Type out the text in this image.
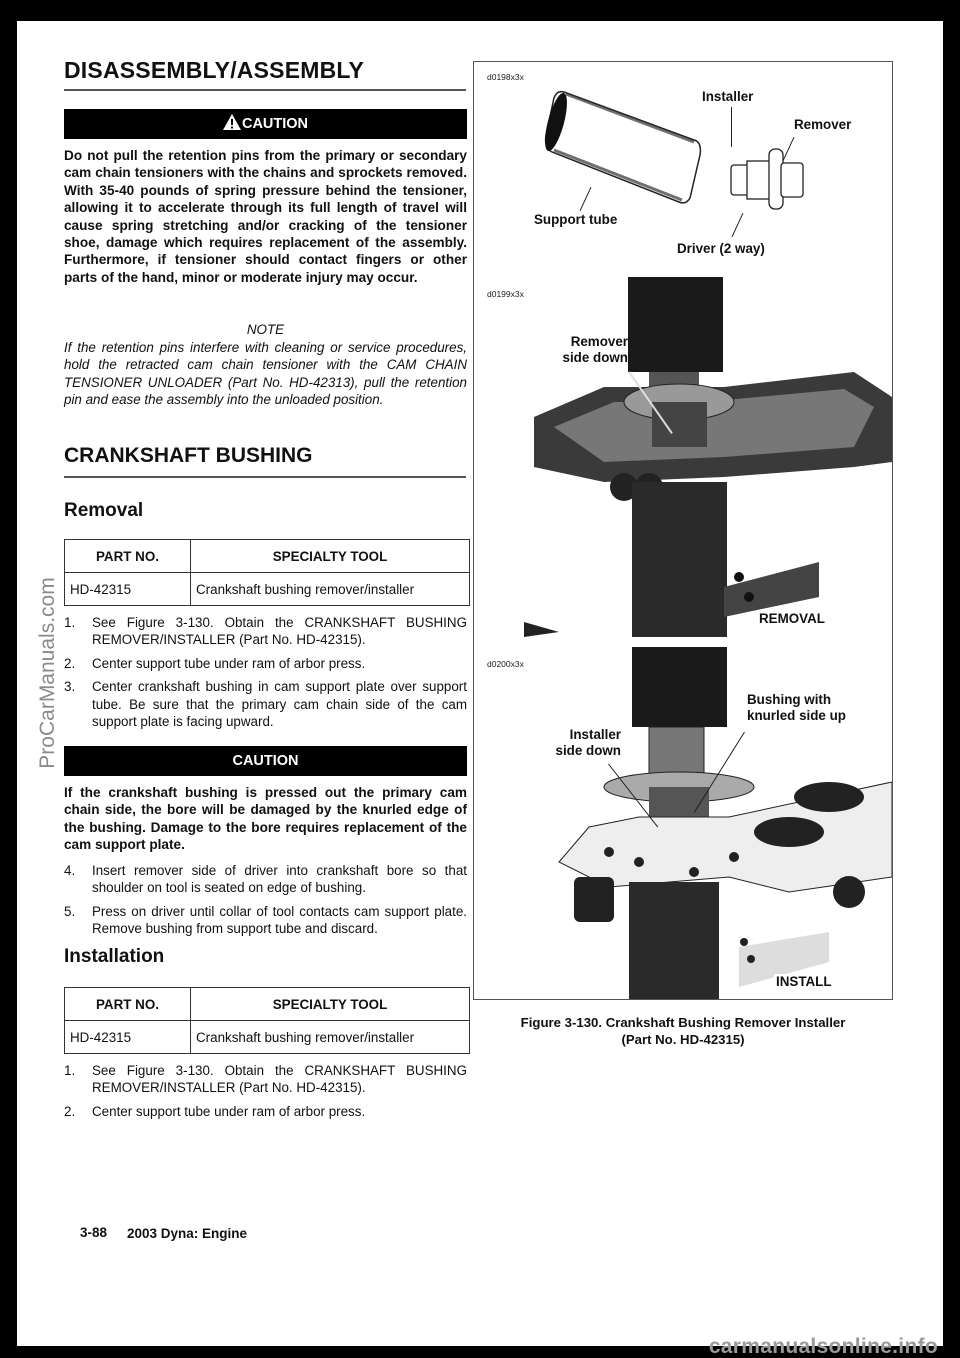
DISASSEMBLY/ASSEMBLY
CAUTION
Do not pull the retention pins from the primary or secondary cam chain tensioners with the chains and sprockets removed. With 35-40 pounds of spring pressure behind the tensioner, allowing it to accelerate through its full length of travel will cause spring stretching and/or cracking of the tensioner shoe, damage which requires replacement of the assembly. Furthermore, if tensioner should contact fingers or other parts of the hand, minor or moderate injury may occur.
NOTE
If the retention pins interfere with cleaning or service procedures, hold the retracted cam chain tensioner with the CAM CHAIN TENSIONER UNLOADER (Part No. HD-42313), pull the retention pin and ease the assembly into the unloaded position.
CRANKSHAFT BUSHING
Removal
PART NO.	SPECIALTY TOOL
HD-42315	Crankshaft bushing remover/installer
1. See Figure 3-130. Obtain the CRANKSHAFT BUSHING REMOVER/INSTALLER (Part No. HD-42315).
2. Center support tube under ram of arbor press.
3. Center crankshaft bushing in cam support plate over support tube. Be sure that the primary cam chain side of the cam support plate is facing upward.
CAUTION
If the crankshaft bushing is pressed out the primary cam chain side, the bore will be damaged by the knurled edge of the bushing. Damage to the bore requires replacement of the cam support plate.
4. Insert remover side of driver into crankshaft bore so that shoulder on tool is seated on edge of bushing.
5. Press on driver until collar of tool contacts cam support plate. Remove bushing from support tube and discard.
Installation
PART NO.	SPECIALTY TOOL
HD-42315	Crankshaft bushing remover/installer
1. See Figure 3-130. Obtain the CRANKSHAFT BUSHING REMOVER/INSTALLER (Part No. HD-42315).
2. Center support tube under ram of arbor press.
3-88 2003 Dyna: Engine
d0198x3x
Installer
Remover
Support tube
Driver (2 way)
d0199x3x
Remover
side down
REMOVAL
d0200x3x
Bushing with
knurled side up
Installer
side down
INSTALL
Figure 3-130. Crankshaft Bushing Remover Installer
(Part No. HD-42315)
ProCarManuals.com
carmanualsonline.info
